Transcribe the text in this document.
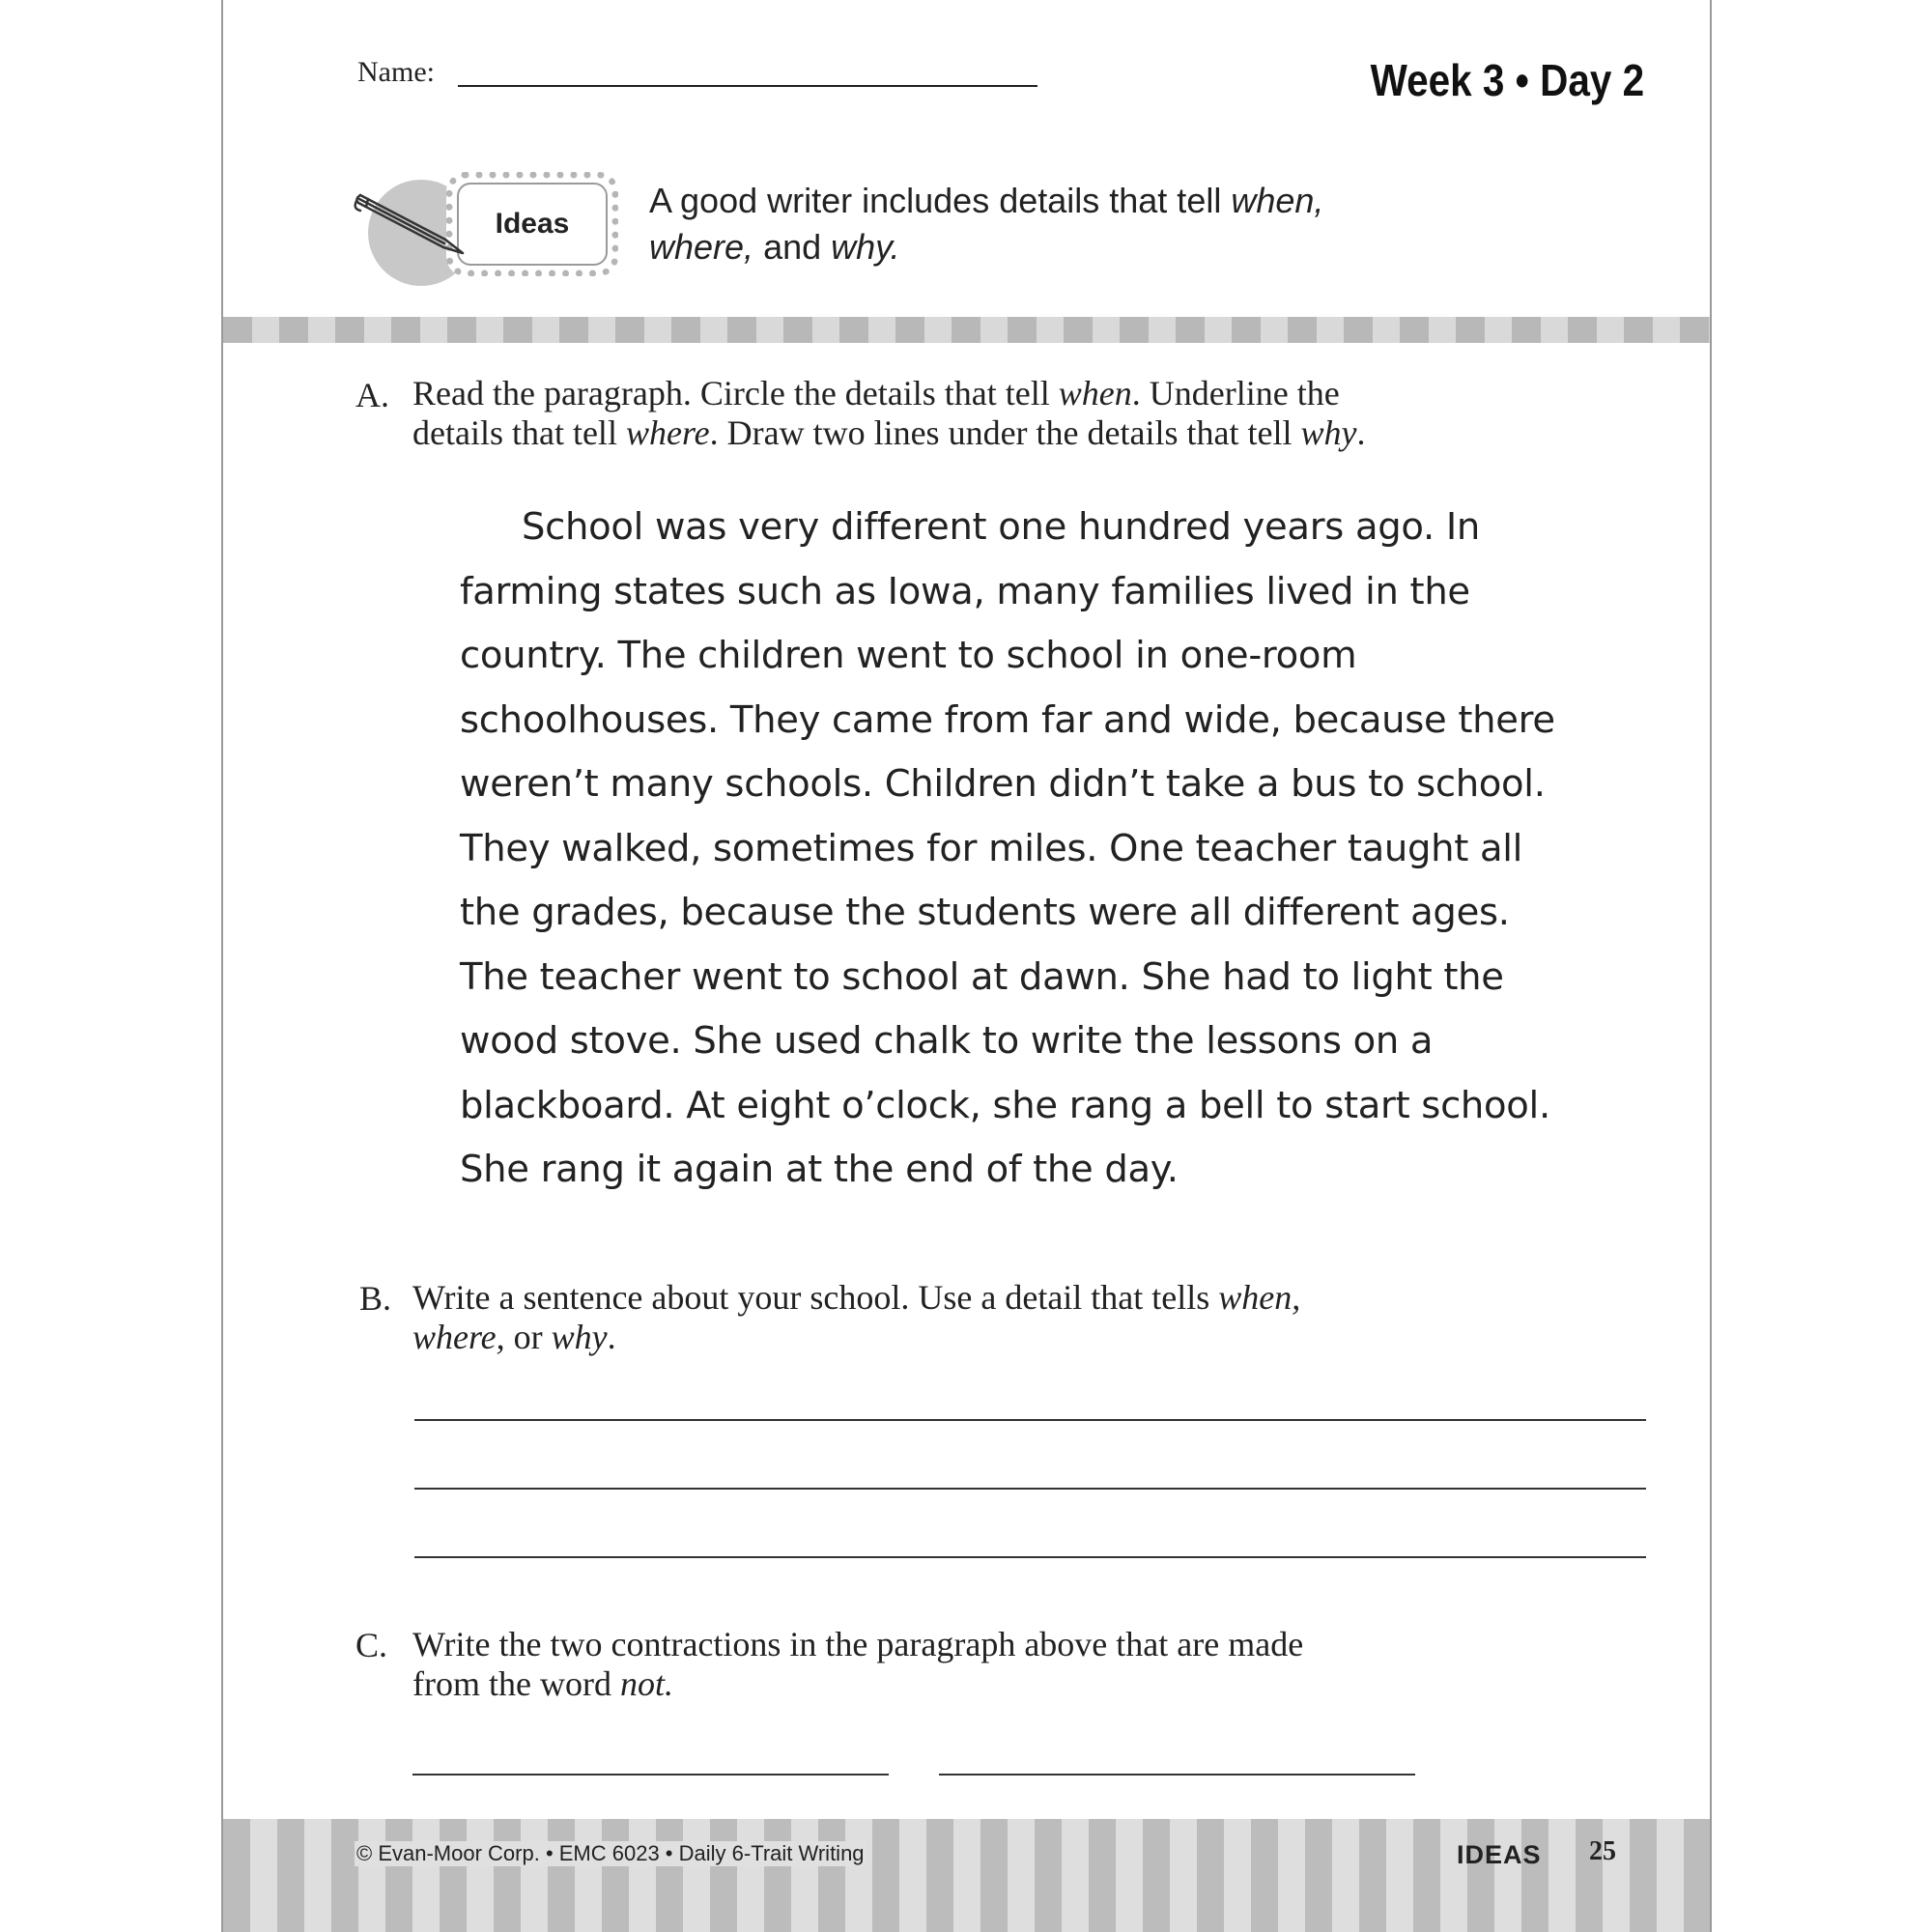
Name:	Week 3 • Day 2
Ideas
A good writer includes details that tell when,
where, and why.
A. Read the paragraph. Circle the details that tell when. Underline the
details that tell where. Draw two lines under the details that tell why.
School was very different one hundred years ago. In farming states such as Iowa, many families lived in the country. The children went to school in one-room schoolhouses. They came from far and wide, because there weren’t many schools. Children didn’t take a bus to school. They walked, sometimes for miles. One teacher taught all the grades, because the students were all different ages. The teacher went to school at dawn. She had to light the wood stove. She used chalk to write the lessons on a blackboard. At eight o’clock, she rang a bell to start school. She rang it again at the end of the day.
B. Write a sentence about your school. Use a detail that tells when,
where, or why.
C. Write the two contractions in the paragraph above that are made
from the word not.
© Evan-Moor Corp. • EMC 6023 • Daily 6-Trait Writing	IDEAS 25
